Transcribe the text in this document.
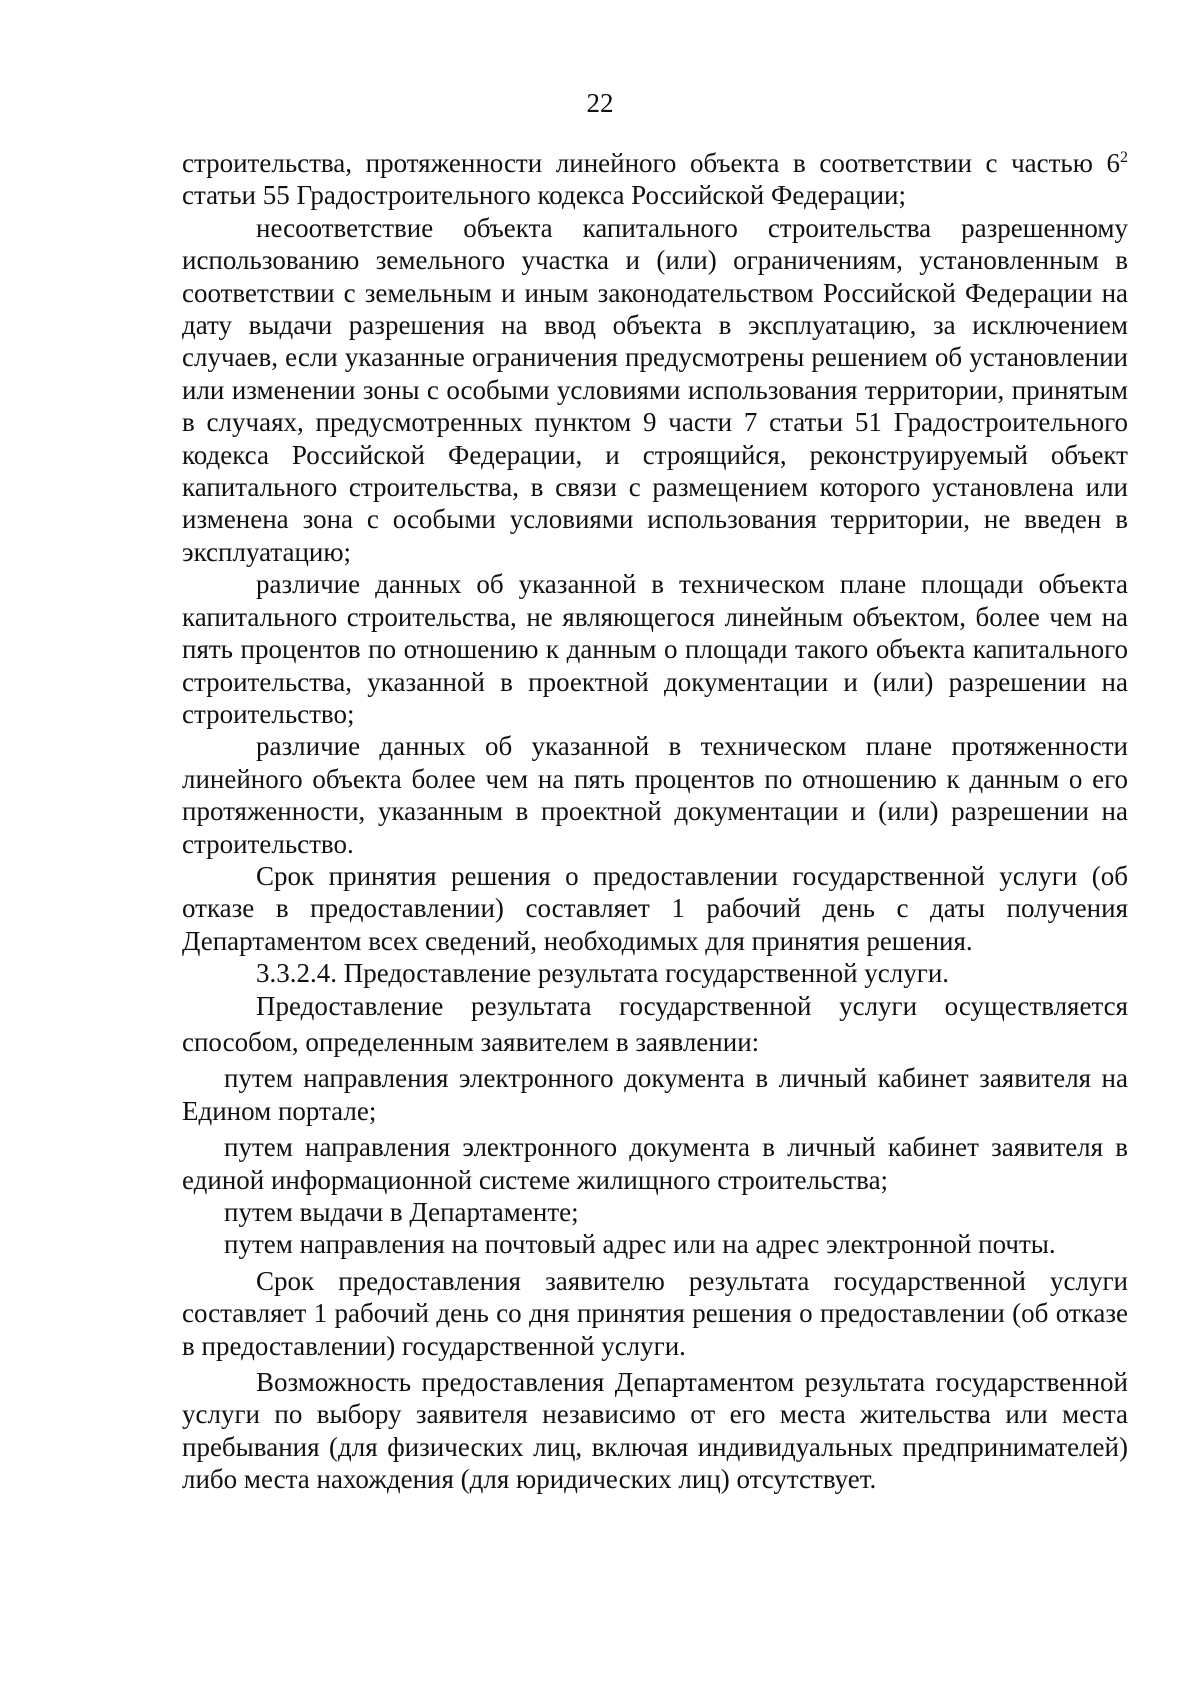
22

строительства, протяженности линейного объекта в соответствии с частью $6^2$ статьи 55 Градостроительного кодекса Российской Федерации;

несоответствие объекта капитального строительства разрешенному использованию земельного участка и (или) ограничениям, установленным в соответствии с земельным и иным законодательством Российской Федерации на дату выдачи разрешения на ввод объекта в эксплуатацию, за исключением случаев, если указанные ограничения предусмотрены решением об установлении или изменении зоны с особыми условиями использования территории, принятым в случаях, предусмотренных пунктом 9 части 7 статьи 51 Градостроительного кодекса Российской Федерации, и строящийся, реконструируемый объект капитального строительства, в связи с размещением которого установлена или изменена зона с особыми условиями использования территории, не введен в эксплуатацию;

различие данных об указанной в техническом плане площади объекта капитального строительства, не являющегося линейным объектом, более чем на пять процентов по отношению к данным о площади такого объекта капитального строительства, указанной в проектной документации и (или) разрешении на строительство;

различие данных об указанной в техническом плане протяженности линейного объекта более чем на пять процентов по отношению к данным о его протяженности, указанным в проектной документации и (или) разрешении на строительство.

Срок принятия решения о предоставлении государственной услуги (об отказе в предоставлении) составляет 1 рабочий день с даты получения Департаментом всех сведений, необходимых для принятия решения.

3.3.2.4. Предоставление результата государственной услуги.

Предоставление результата государственной услуги осуществляется

способом, определенным заявителем в заявлении:

путем направления электронного документа в личный кабинет заявителя на Едином портале;

путем направления электронного документа в личный кабинет заявителя в единой информационной системе жилищного строительства;

путем выдачи в Департаменте;

путем направления на почтовый адрес или на адрес электронной почты.

Срок предоставления заявителю результата государственной услуги составляет 1 рабочий день со дня принятия решения о предоставлении (об отказе в предоставлении) государственной услуги.

Возможность предоставления Департаментом результата государственной услуги по выбору заявителя независимо от его места жительства или места пребывания (для физических лиц, включая индивидуальных предпринимателей) либо места нахождения (для юридических лиц) отсутствует.
